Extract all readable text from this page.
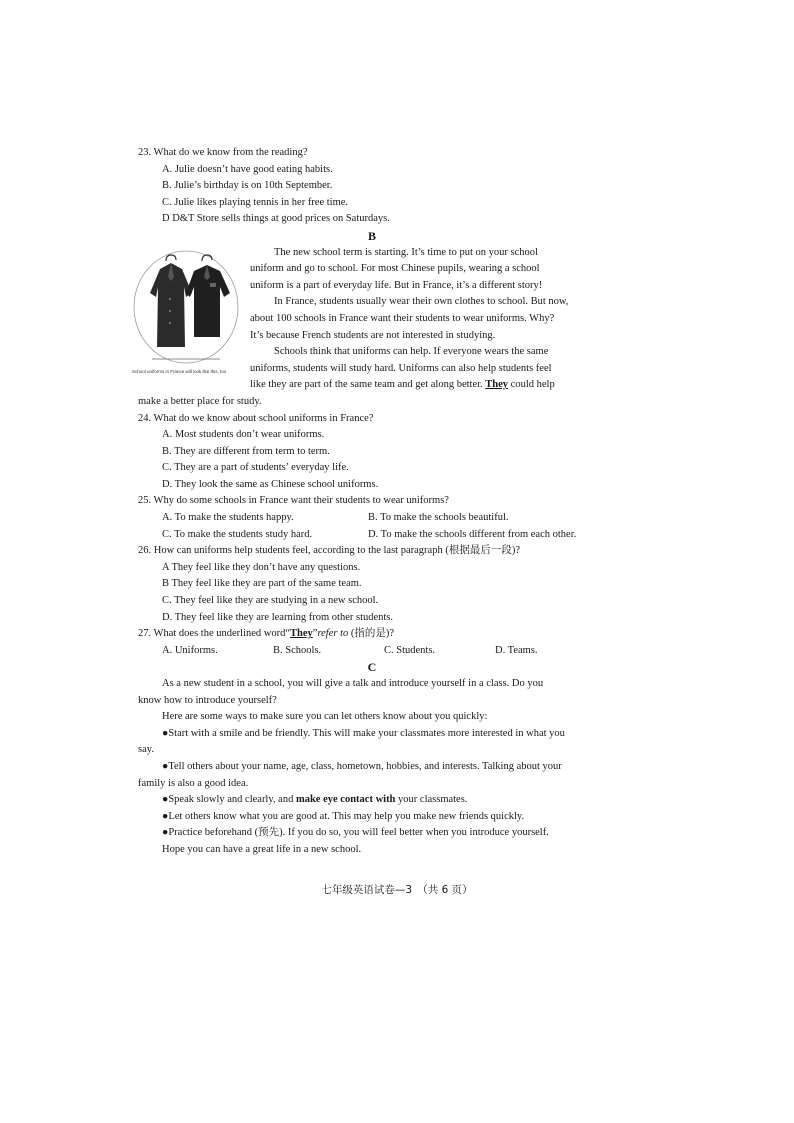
23. What do we know from the reading?
A. Julie doesn’t have good eating habits.
B. Julie’s birthday is on 10th September.
C. Julie likes playing tennis in her free time.
D D&T Store sells things at good prices on Saturdays.
B
School uniforms in France will look like this, too
The new school term is starting. It’s time to put on your school
uniform and go to school. For most Chinese pupils, wearing a school
uniform is a part of everyday life. But in France, it’s a different story!
In France, students usually wear their own clothes to school. But now,
about 100 schools in France want their students to wear uniforms. Why?
It’s because French students are not interested in studying.
Schools think that uniforms can help. If everyone wears the same
uniforms, students will study hard. Uniforms can also help students feel
like they are part of the same team and get along better. They could help
make a better place for study.
24. What do we know about school uniforms in France?
A. Most students don’t wear uniforms.
B. They are different from term to term.
C. They are a part of students’ everyday life.
D. They look the same as Chinese school uniforms.
25. Why do some schools in France want their students to wear uniforms?
A. To make the students happy.	B. To make the schools beautiful.
C. To make the students study hard.	D. To make the schools different from each other.
26. How can uniforms help students feel, according to the last paragraph (根据最后一段)?
A They feel like they don’t have any questions.
B They feel like they are part of the same team.
C. They feel like they are studying in a new school.
D. They feel like they are learning from other students.
27. What does the underlined word“They”refer to (指的是)?
A. Uniforms.	B. Schools.	C. Students.	D. Teams.
C
As a new student in a school, you will give a talk and introduce yourself in a class. Do you
know how to introduce yourself?
Here are some ways to make sure you can let others know about you quickly:
●Start with a smile and be friendly. This will make your classmates more interested in what you
say.
●Tell others about your name, age, class, hometown, hobbies, and interests. Talking about your
family is also a good idea.
●Speak slowly and clearly, and make eye contact with your classmates.
●Let others know what you are good at. This may help you make new friends quickly.
●Practice beforehand (预先). If you do so, you will feel better when you introduce yourself.
Hope you can have a great life in a new school.
七年级英语试卷—3　（共 6 页）
